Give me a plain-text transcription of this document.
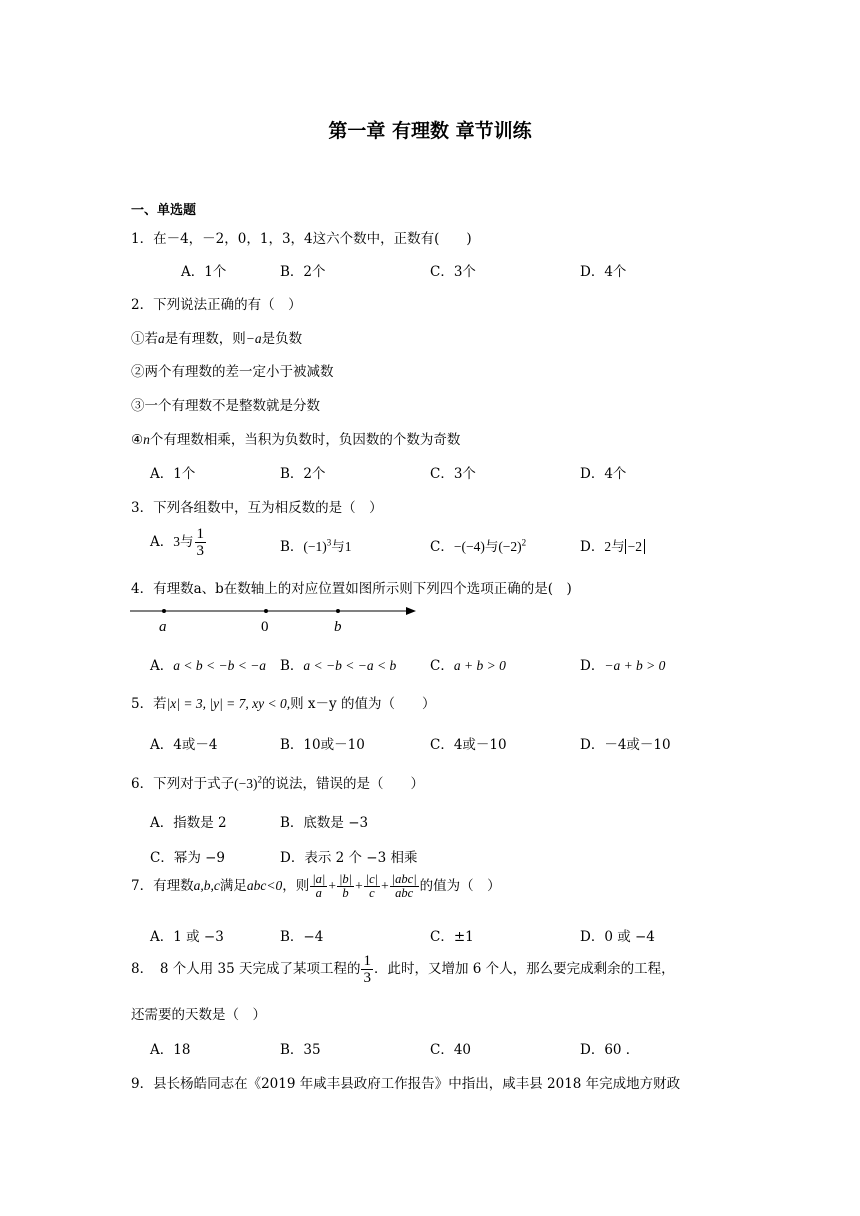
第一章 有理数 章节训练
一、单选题
1．在－4，－2，0，1，3，4这六个数中，正数有(　　)
A．1个	B．2个	C．3个	D．4个
2．下列说法正确的有（　）
①若a是有理数，则−a是负数
②两个有理数的差一定小于被减数
③一个有理数不是整数就是分数
④n个有理数相乘，当积为负数时，负因数的个数为奇数
A．1个	B．2个	C．3个	D．4个
3．下列各组数中，互为相反数的是（　）
A．3与 $\frac{1}{3}$	B．$(-1)^3$与1	C．−(−4)与$(-2)^2$	D．2与 −2
4．有理数a、b在数轴上的对应位置如图所示则下列四个选项正确的是(　)
a	0	b
A．a < b < −b < −a B．a < −b < −a < b	C．a + b > 0	D．−a + b > 0
5．若|x| = 3, |y| = 7, xy < 0,则 x－y 的值为（　　）
A．4或－4	B．10或－10	C．4或－10	D．－4或－10
6．下列对于式子$(-3)^2$的说法，错误的是（　　）
A．指数是 2	B．底数是 −3
C．幂为 −9	D．表示 2 个 −3 相乘
7．有理数a,b,c满足abc<0，则 $\frac{|a|}{a} + \frac{|b|}{b} + \frac{|c|}{c} + \frac{\text{|abc|}}{\text{abc}}$ 的值为（　）
A．1 或 −3	B．−4	C．±1	D．0 或 −4
8．　8 个人用 35 天完成了某项工程的 $\frac{1}{3}$ ．此时，又增加 6 个人，那么要完成剩余的工程，
还需要的天数是（　）
A．18	B．35	C．40	D．60 ．
9．县长杨皓同志在《2019 年咸丰县政府工作报告》中指出，咸丰县 2018 年完成地方财政
